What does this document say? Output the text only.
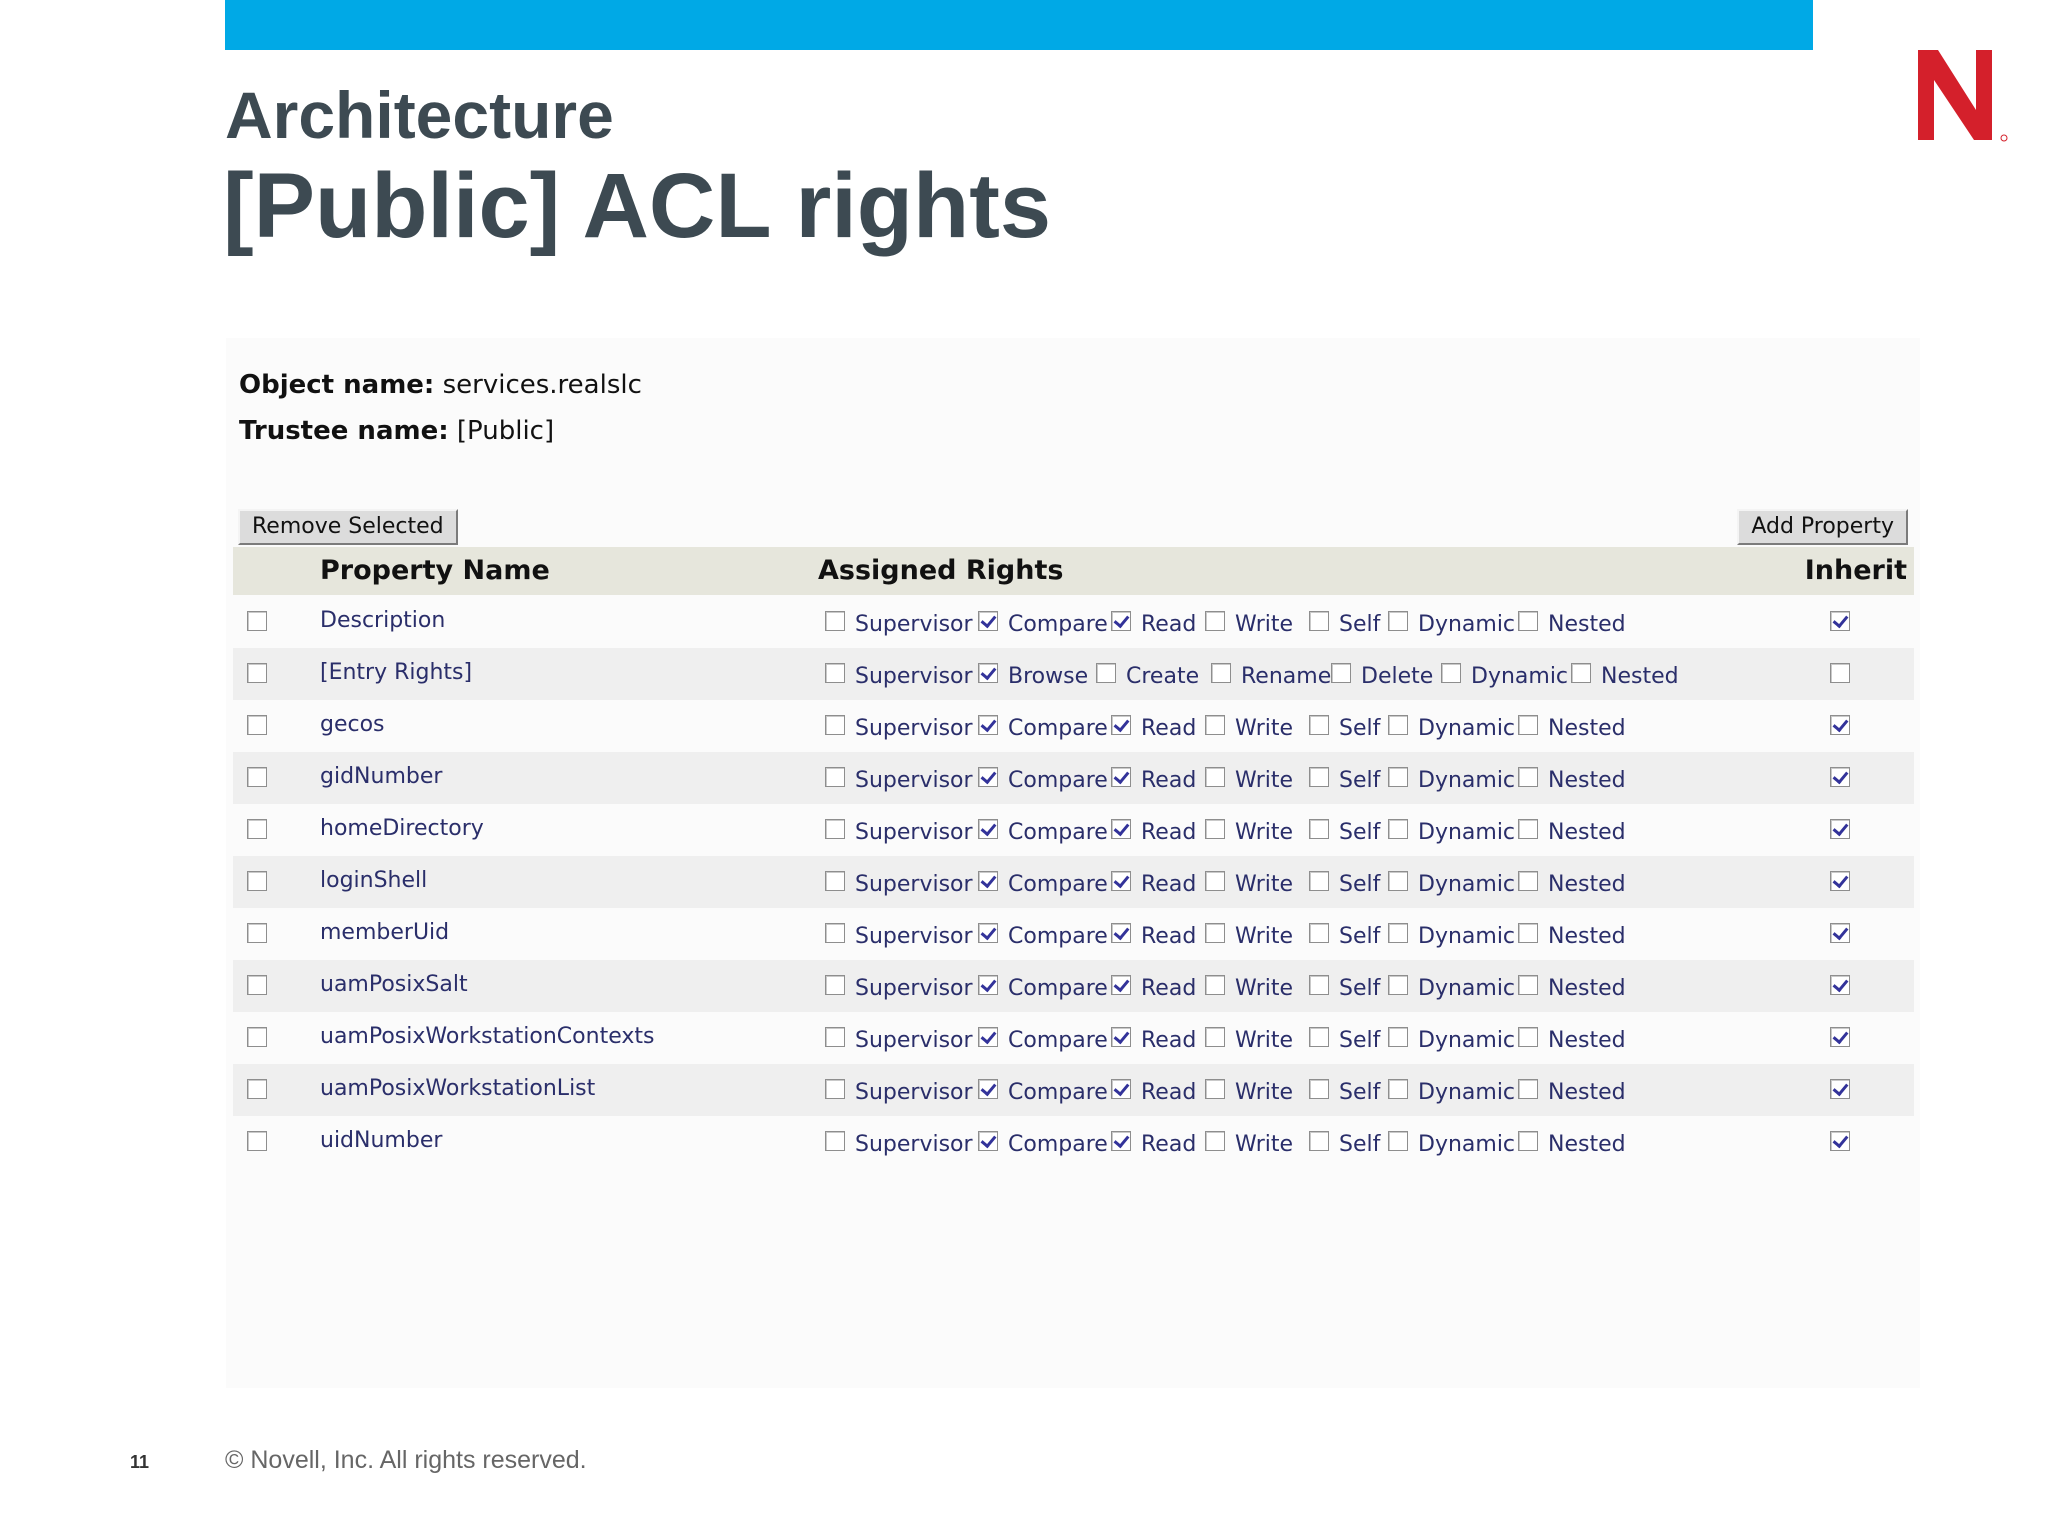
Architecture
[Public] ACL rights
Object name: services.realslc
Trustee name: [Public]
Remove Selected	Add Property
Property Name	Assigned Rights	Inherit
Description	Supervisor Compare Read Write Self Dynamic Nested
[Entry Rights]	Supervisor Browse Create Rename Delete Dynamic Nested
gecos	Supervisor Compare Read Write Self Dynamic Nested
gidNumber	Supervisor Compare Read Write Self Dynamic Nested
homeDirectory	Supervisor Compare Read Write Self Dynamic Nested
loginShell	Supervisor Compare Read Write Self Dynamic Nested
memberUid	Supervisor Compare Read Write Self Dynamic Nested
uamPosixSalt	Supervisor Compare Read Write Self Dynamic Nested
uamPosixWorkstationContexts	Supervisor Compare Read Write Self Dynamic Nested
uamPosixWorkstationList	Supervisor Compare Read Write Self Dynamic Nested
uidNumber	Supervisor Compare Read Write Self Dynamic Nested
11	© Novell, Inc. All rights reserved.
